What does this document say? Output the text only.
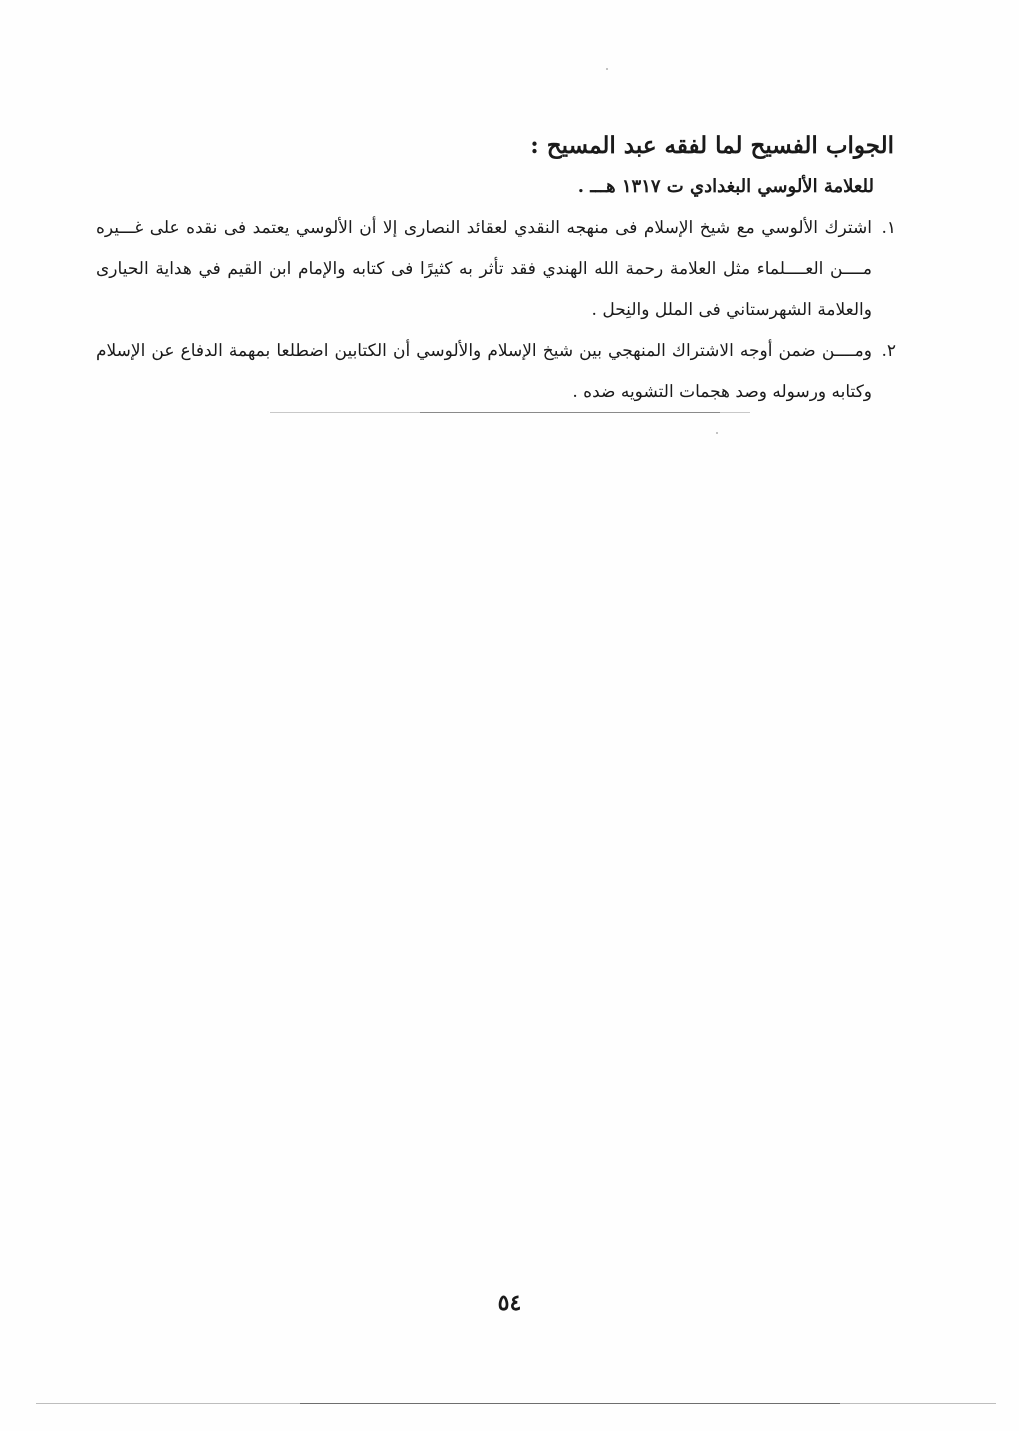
الجواب الفسيح لما لفقه عبد المسيح :
للعلامة الألوسي البغدادي ت ١٣١٧ هـــ .
١.
اشترك الألوسي مع شيخ الإسلام فى منهجه النقدي لعقائد النصارى إلا أن الألوسي يعتمد فى نقده على غـــيره مــــن العــــلماء مثل العلامة رحمة الله الهندي فقد تأثر به كثيرًا فى كتابه والإمام ابن القيم في هداية الحيارى والعلامة الشهرستاني فى الملل والنِحل .
٢.
ومــــن ضمن أوجه الاشتراك المنهجي بين شيخ الإسلام والألوسي أن الكتابين اضطلعا بمهمة الدفاع عن الإسلام وكتابه ورسوله وصد هجمات التشويه ضده .
٥٤
